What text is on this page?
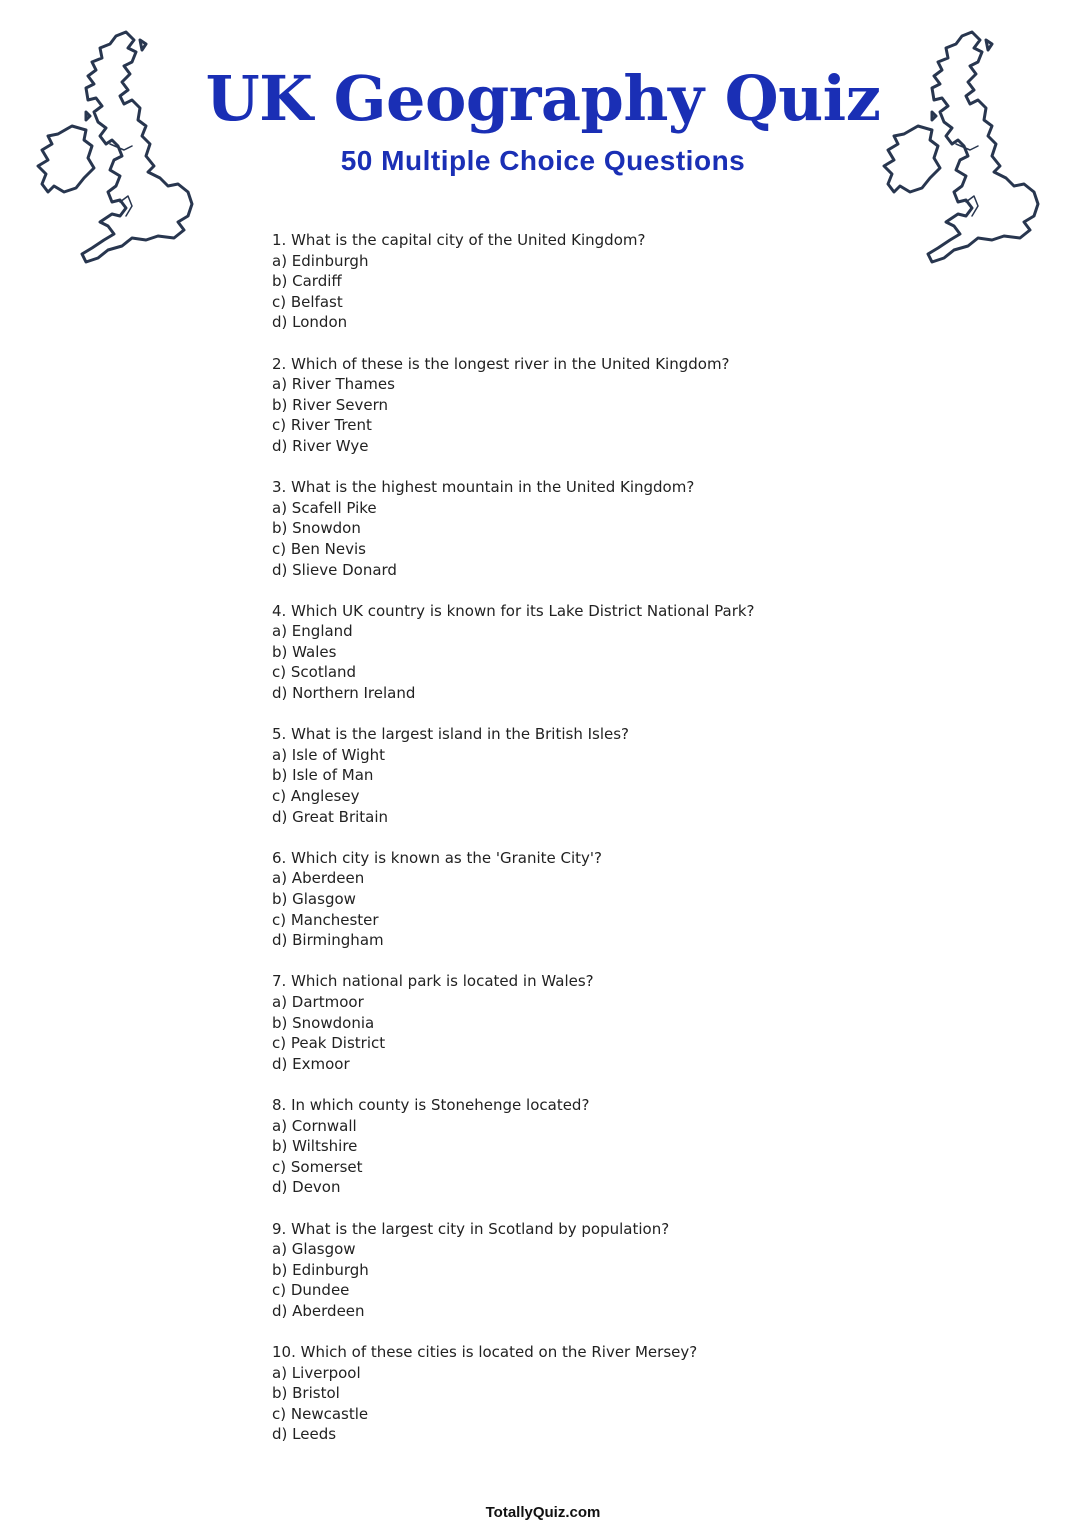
UK Geography Quiz
50 Multiple Choice Questions
1. What is the capital city of the United Kingdom?
a) Edinburgh
b) Cardiff
c) Belfast
d) London
2. Which of these is the longest river in the United Kingdom?
a) River Thames
b) River Severn
c) River Trent
d) River Wye
3. What is the highest mountain in the United Kingdom?
a) Scafell Pike
b) Snowdon
c) Ben Nevis
d) Slieve Donard
4. Which UK country is known for its Lake District National Park?
a) England
b) Wales
c) Scotland
d) Northern Ireland
5. What is the largest island in the British Isles?
a) Isle of Wight
b) Isle of Man
c) Anglesey
d) Great Britain
6. Which city is known as the 'Granite City'?
a) Aberdeen
b) Glasgow
c) Manchester
d) Birmingham
7. Which national park is located in Wales?
a) Dartmoor
b) Snowdonia
c) Peak District
d) Exmoor
8. In which county is Stonehenge located?
a) Cornwall
b) Wiltshire
c) Somerset
d) Devon
9. What is the largest city in Scotland by population?
a) Glasgow
b) Edinburgh
c) Dundee
d) Aberdeen
10. Which of these cities is located on the River Mersey?
a) Liverpool
b) Bristol
c) Newcastle
d) Leeds
TotallyQuiz.com
